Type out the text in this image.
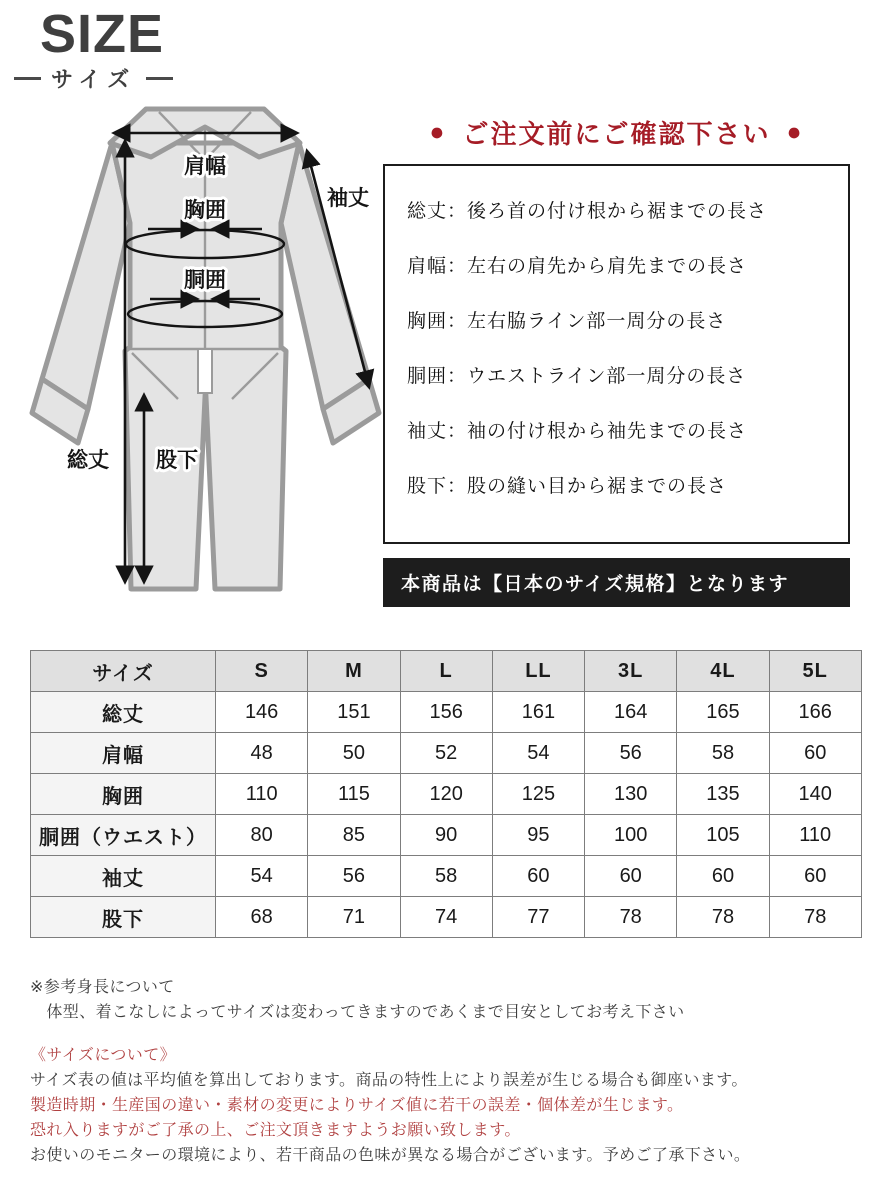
SIZE
サイズ
肩幅
袖丈
胸囲
胴囲
総丈 股下
● ご注文前にご確認下さい ●
総丈：後ろ首の付け根から裾までの長さ
肩幅：左右の肩先から肩先までの長さ
胸囲：左右脇ライン部一周分の長さ
胴囲：ウエストライン部一周分の長さ
袖丈：袖の付け根から袖先までの長さ
股下：股の縫い目から裾までの長さ
本商品は【日本のサイズ規格】となります
サイズ	S	M	L	LL	3L	4L	5L
総丈	146	151	156	161	164	165	166
肩幅	48	50	52	54	56	58	60
胸囲	110	115	120	125	130	135	140
胴囲（ウエスト）	80	85	90	95	100	105	110
袖丈	54	56	58	60	60	60	60
股下	68	71	74	77	78	78	78
※参考身長について
　体型、着こなしによってサイズは変わってきますのであくまで目安としてお考え下さい
《サイズについて》
サイズ表の値は平均値を算出しております。商品の特性上により誤差が生じる場合も御座います。
製造時期・生産国の違い・素材の変更によりサイズ値に若干の誤差・個体差が生じます。
恐れ入りますがご了承の上、ご注文頂きますようお願い致します。
お使いのモニターの環境により、若干商品の色味が異なる場合がございます。予めご了承下さい。
